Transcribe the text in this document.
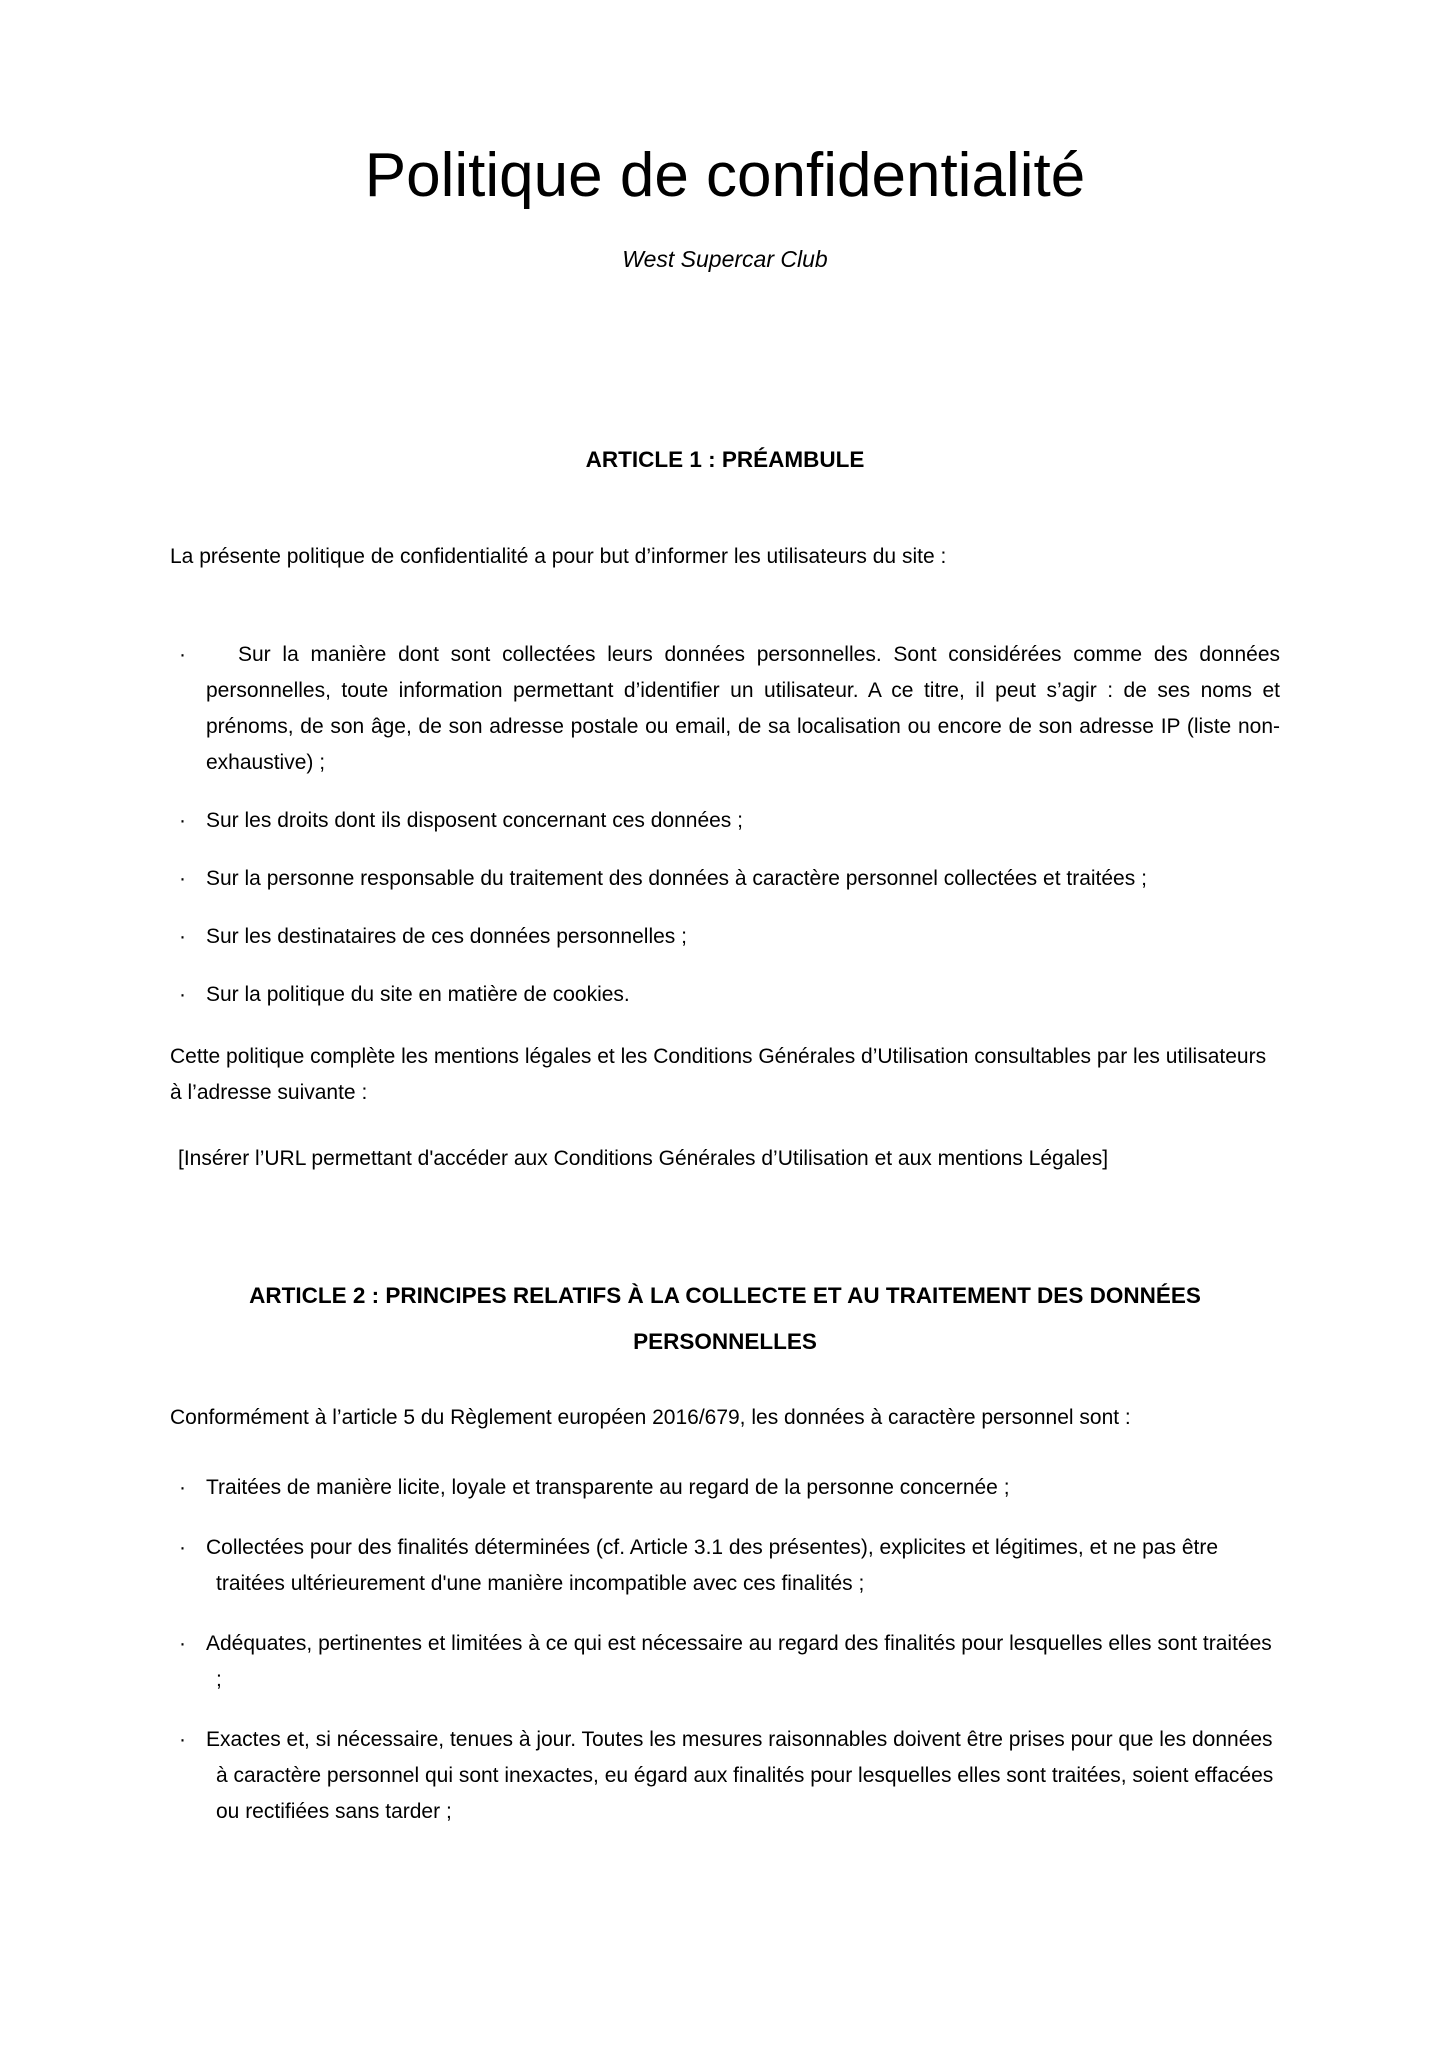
Politique de confidentialité
West Supercar Club
ARTICLE 1 : PRÉAMBULE
La présente politique de confidentialité a pour but d’informer les utilisateurs du site :
·	Sur la manière dont sont collectées leurs données personnelles. Sont considérées comme des données personnelles, toute information permettant d’identifier un utilisateur. A ce titre, il peut s’agir : de ses noms et prénoms, de son âge, de son adresse postale ou email, de sa localisation ou encore de son adresse IP (liste non-exhaustive) ;
· Sur les droits dont ils disposent concernant ces données ;
· Sur la personne responsable du traitement des données à caractère personnel collectées et traitées ;
· Sur les destinataires de ces données personnelles ;
· Sur la politique du site en matière de cookies.
Cette politique complète les mentions légales et les Conditions Générales d’Utilisation consultables par les utilisateurs à l’adresse suivante :
[Insérer l’URL permettant d'accéder aux Conditions Générales d’Utilisation et aux mentions Légales]
ARTICLE 2 : PRINCIPES RELATIFS À LA COLLECTE ET AU TRAITEMENT DES DONNÉES PERSONNELLES
Conformément à l’article 5 du Règlement européen 2016/679, les données à caractère personnel sont :
· Traitées de manière licite, loyale et transparente au regard de la personne concernée ;
· Collectées pour des finalités déterminées (cf. Article 3.1 des présentes), explicites et légitimes, et ne pas être traitées ultérieurement d'une manière incompatible avec ces finalités ;
· Adéquates, pertinentes et limitées à ce qui est nécessaire au regard des finalités pour lesquelles elles sont traitées ;
· Exactes et, si nécessaire, tenues à jour. Toutes les mesures raisonnables doivent être prises pour que les données à caractère personnel qui sont inexactes, eu égard aux finalités pour lesquelles elles sont traitées, soient effacées ou rectifiées sans tarder ;
